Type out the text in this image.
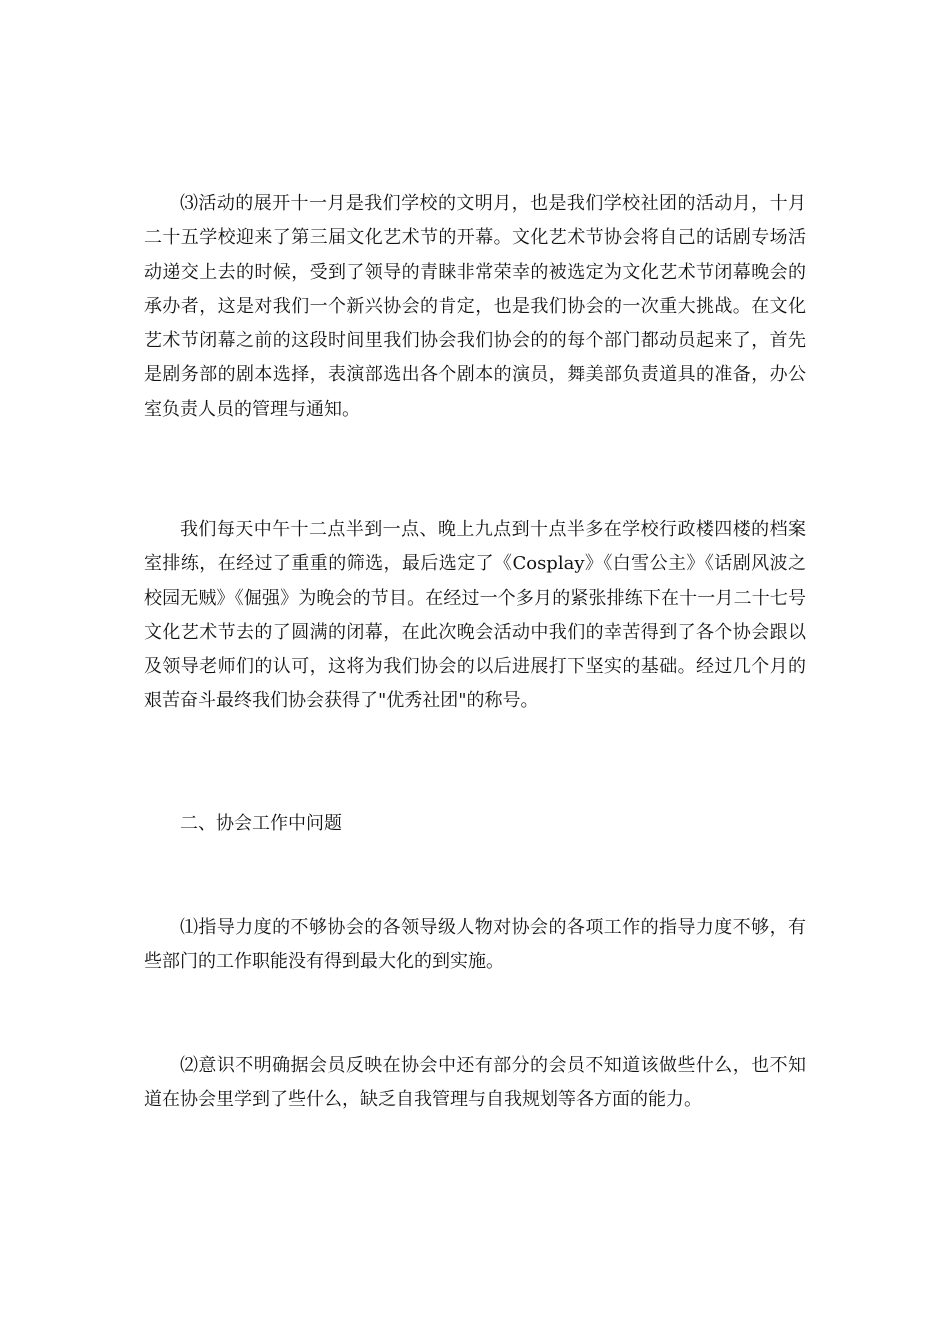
⑶活动的展开十一月是我们学校的文明月，也是我们学校社团的活动月，十月二十五学校迎来了第三届文化艺术节的开幕。文化艺术节协会将自己的话剧专场活动递交上去的时候，受到了领导的青睐非常荣幸的被选定为文化艺术节闭幕晚会的承办者，这是对我们一个新兴协会的肯定，也是我们协会的一次重大挑战。在文化艺术节闭幕之前的这段时间里我们协会我们协会的的每个部门都动员起来了，首先是剧务部的剧本选择，表演部选出各个剧本的演员，舞美部负责道具的准备，办公室负责人员的管理与通知。

我们每天中午十二点半到一点、晚上九点到十点半多在学校行政楼四楼的档案室排练，在经过了重重的筛选，最后选定了《Cosplay》《白雪公主》《话剧风波之校园无贼》《倔强》为晚会的节目。在经过一个多月的紧张排练下在十一月二十七号文化艺术节去的了圆满的闭幕，在此次晚会活动中我们的幸苦得到了各个协会跟以及领导老师们的认可，这将为我们协会的以后进展打下坚实的基础。经过几个月的艰苦奋斗最终我们协会获得了"优秀社团"的称号。

二、协会工作中问题

⑴指导力度的不够协会的各领导级人物对协会的各项工作的指导力度不够，有些部门的工作职能没有得到最大化的到实施。

⑵意识不明确据会员反映在协会中还有部分的会员不知道该做些什么，也不知道在协会里学到了些什么，缺乏自我管理与自我规划等各方面的能力。
